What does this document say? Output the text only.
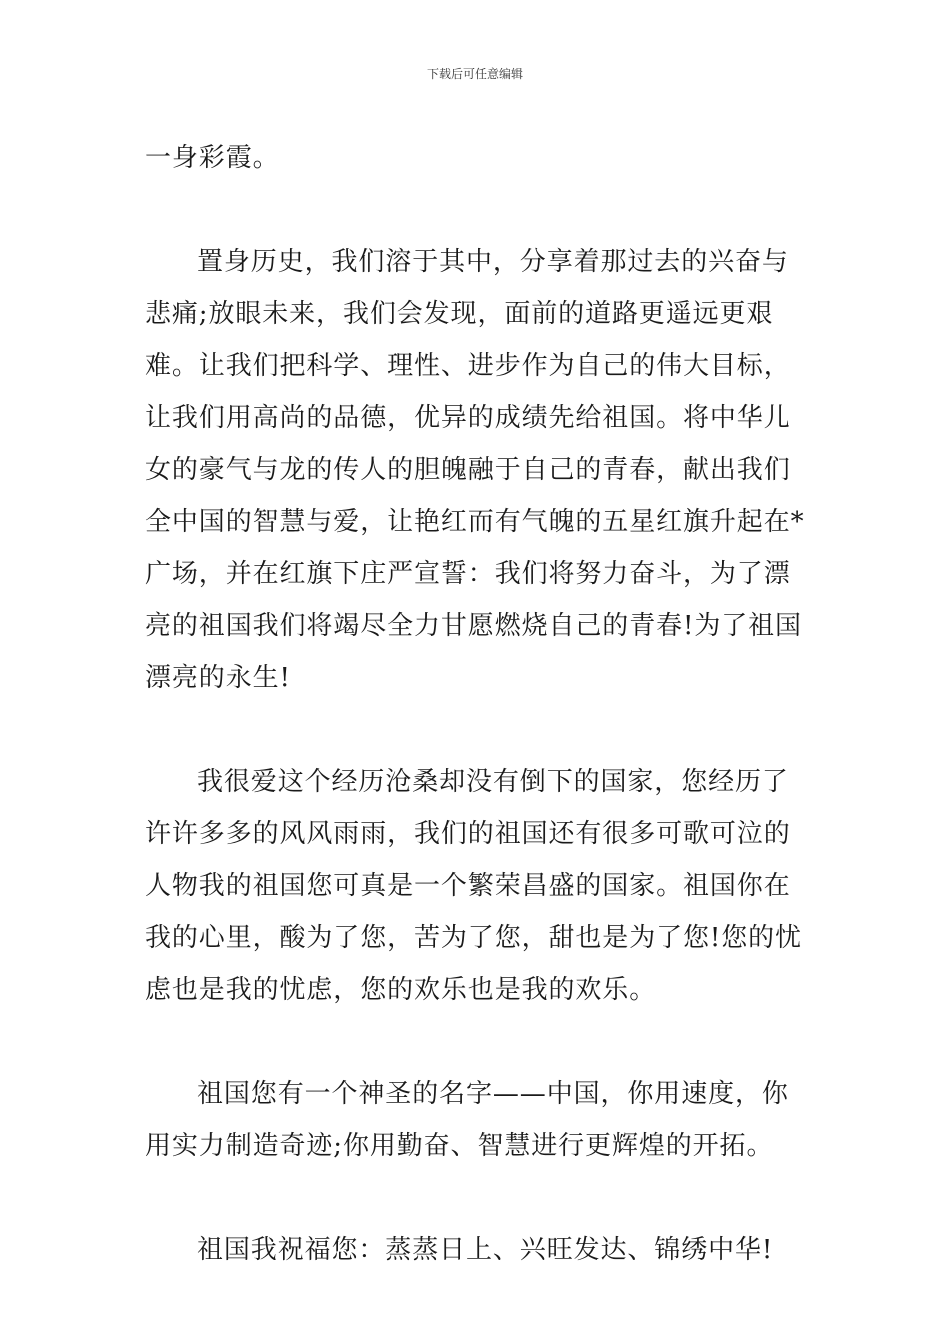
下载后可任意编辑

一身彩霞。

置身历史，我们溶于其中，分享着那过去的兴奋与悲痛;放眼未来，我们会发现，面前的道路更遥远更艰难。让我们把科学、理性、进步作为自己的伟大目标，让我们用高尚的品德，优异的成绩先给祖国。将中华儿女的豪气与龙的传人的胆魄融于自己的青春，献出我们全中国的智慧与爱，让艳红而有气魄的五星红旗升起在*广场，并在红旗下庄严宣誓：我们将努力奋斗，为了漂亮的祖国我们将竭尽全力甘愿燃烧自己的青春!为了祖国漂亮的永生!

我很爱这个经历沧桑却没有倒下的国家，您经历了许许多多的风风雨雨，我们的祖国还有很多可歌可泣的人物我的祖国您可真是一个繁荣昌盛的国家。祖国你在我的心里，酸为了您，苦为了您，甜也是为了您!您的忧虑也是我的忧虑，您的欢乐也是我的欢乐。

祖国您有一个神圣的名字——中国，你用速度，你用实力制造奇迹;你用勤奋、智慧进行更辉煌的开拓。

祖国我祝福您：蒸蒸日上、兴旺发达、锦绣中华!
